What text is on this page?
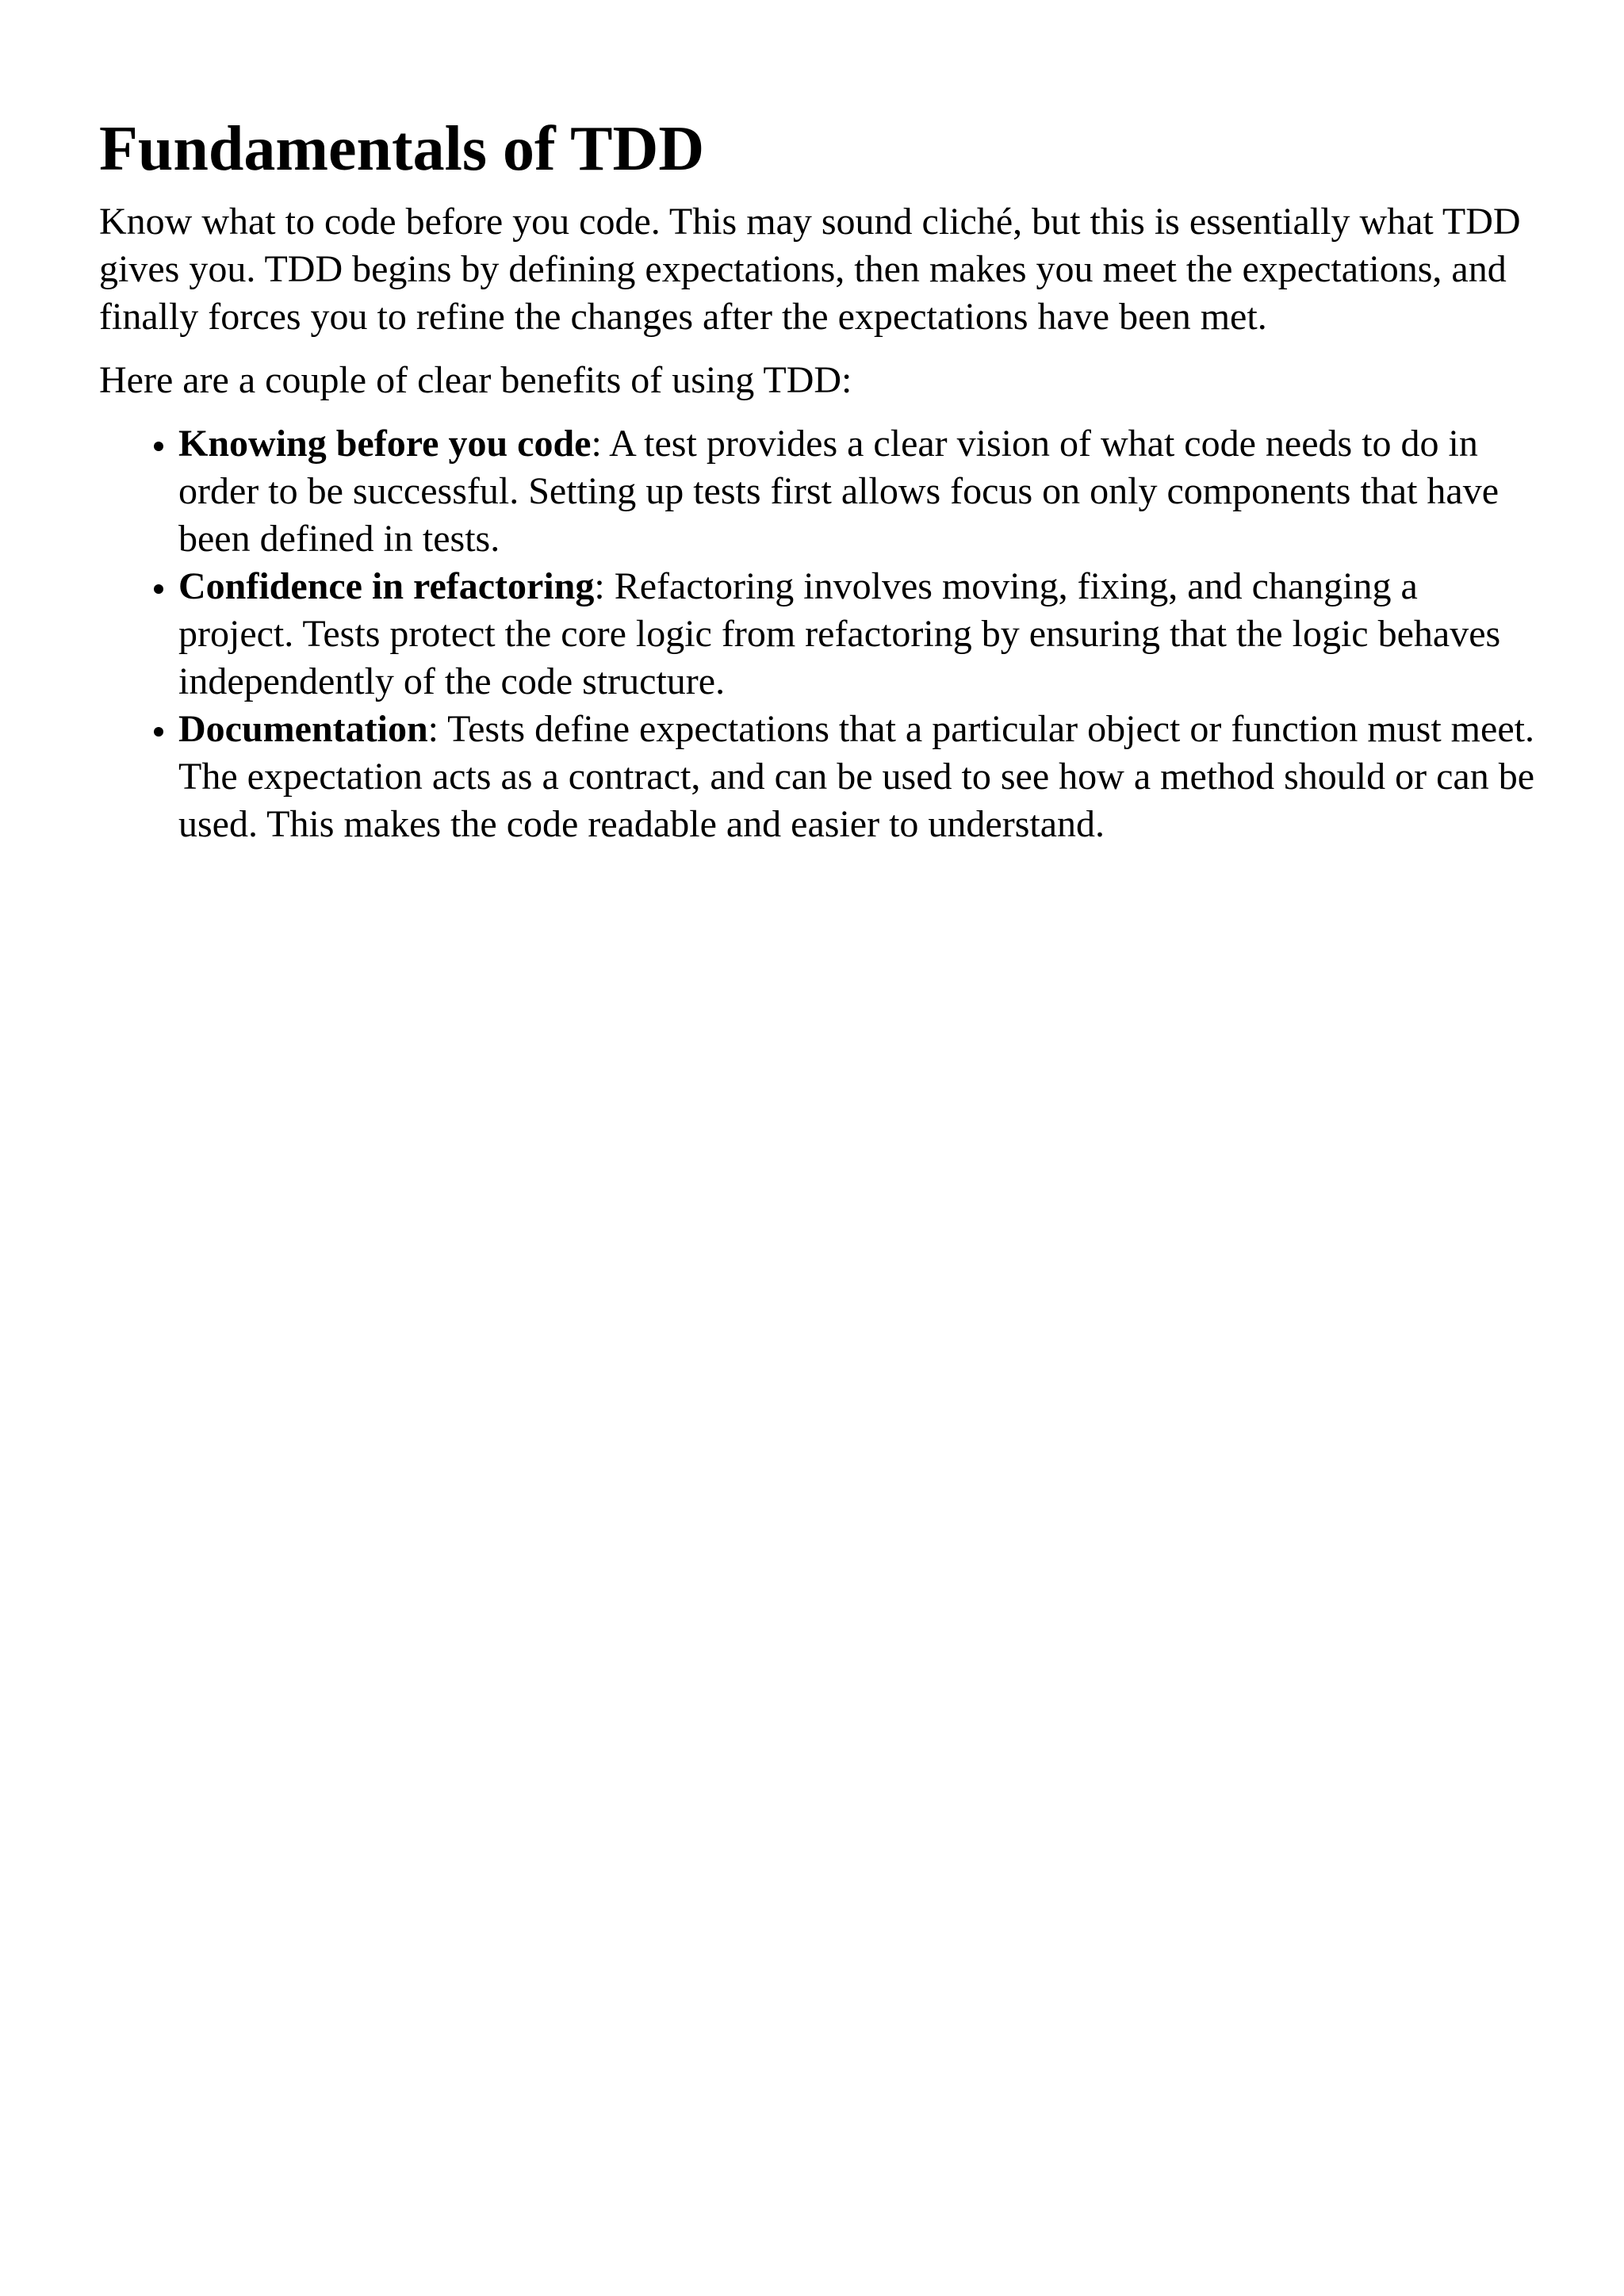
Fundamentals of TDD

Know what to code before you code. This may sound cliché, but this is essentially what TDD gives you. TDD begins by defining expectations, then makes you meet the expectations, and finally forces you to refine the changes after the expectations have been met.

Here are a couple of clear benefits of using TDD:

• Knowing before you code: A test provides a clear vision of what code needs to do in order to be successful. Setting up tests first allows focus on only components that have been defined in tests.
• Confidence in refactoring: Refactoring involves moving, fixing, and changing a project. Tests protect the core logic from refactoring by ensuring that the logic behaves independently of the code structure.
• Documentation: Tests define expectations that a particular object or function must meet. The expectation acts as a contract, and can be used to see how a method should or can be used. This makes the code readable and easier to understand.
